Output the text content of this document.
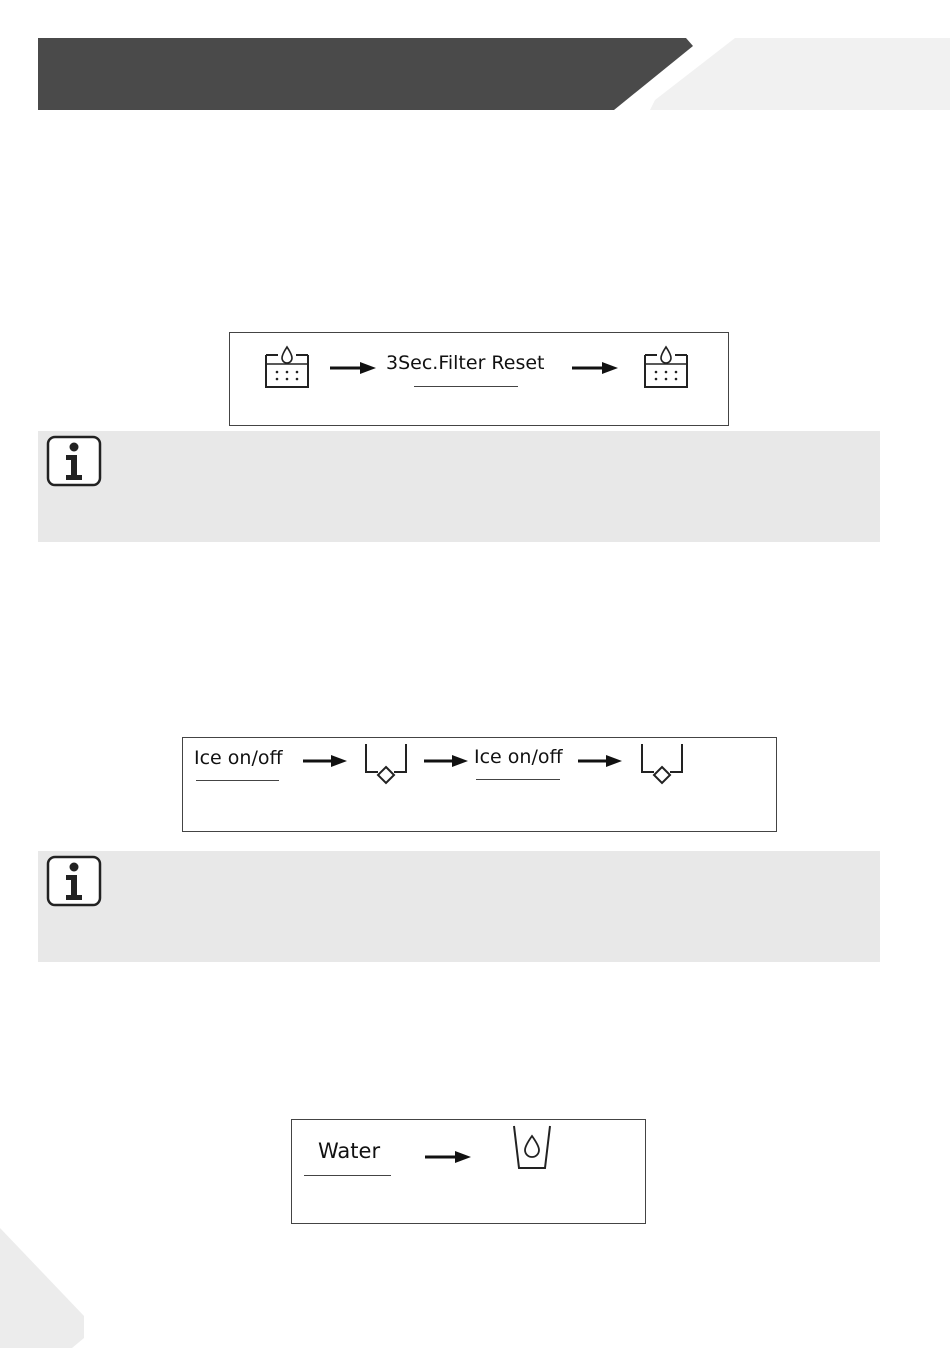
3Sec.Filter Reset
Ice on/off	Ice on/off
Water
